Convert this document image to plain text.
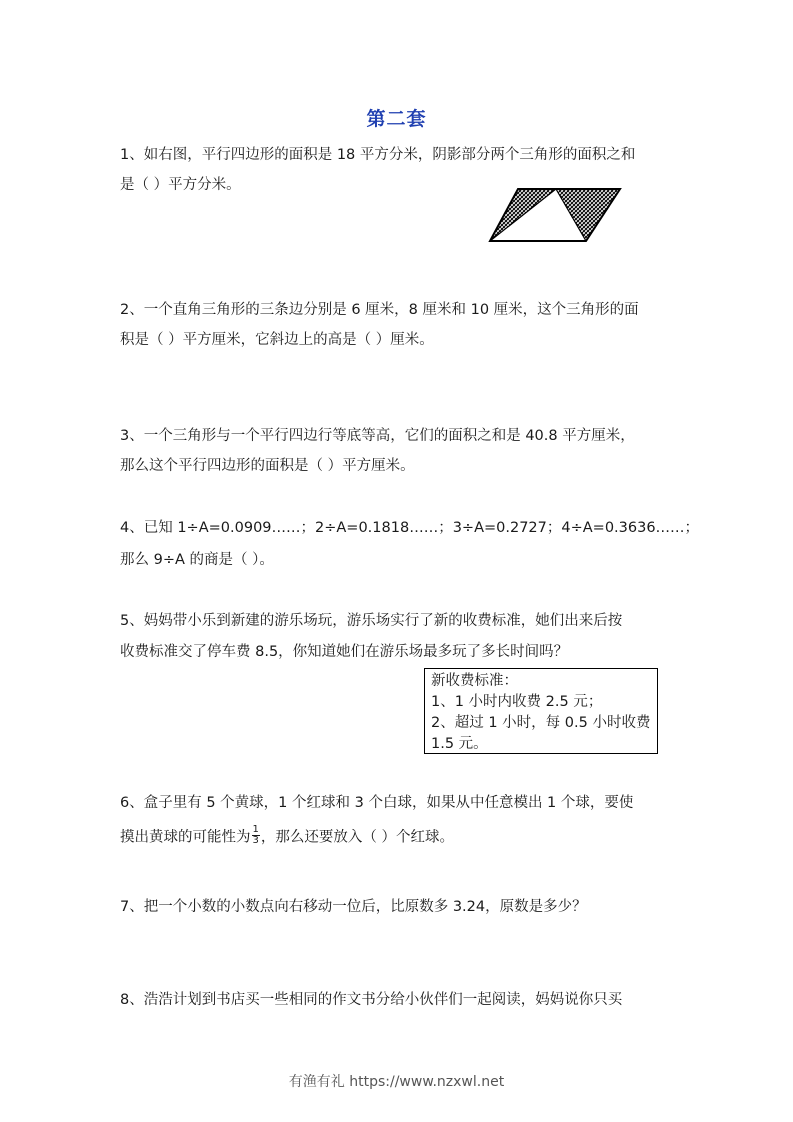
第二套
1、如右图，平行四边形的面积是 18 平方分米，阴影部分两个三角形的面积之和
是（ ）平方分米。
2、一个直角三角形的三条边分别是 6 厘米，8 厘米和 10 厘米，这个三角形的面
积是（ ）平方厘米，它斜边上的高是（ ）厘米。
3、一个三角形与一个平行四边行等底等高，它们的面积之和是 40.8 平方厘米，
那么这个平行四边形的面积是（ ）平方厘米。
4、已知 1÷A=0.0909……；2÷A=0.1818……；3÷A=0.2727；4÷A=0.3636……；
那么 9÷A 的商是（ ）。
5、妈妈带小乐到新建的游乐场玩，游乐场实行了新的收费标准，她们出来后按
收费标准交了停车费 8.5，你知道她们在游乐场最多玩了多长时间吗？
新收费标准：
1、1 小时内收费 2.5 元；
2、超过 1 小时，每 0.5 小时收费
1.5 元。
6、盒子里有 5 个黄球，1 个红球和 3 个白球，如果从中任意模出 1 个球，要使
摸出黄球的可能性为 $\frac{1}{3}$ ，那么还要放入（ ）个红球。
7、把一个小数的小数点向右移动一位后，比原数多 3.24，原数是多少？
8、浩浩计划到书店买一些相同的作文书分给小伙伴们一起阅读，妈妈说你只买
有渔有礼 https://www.nzxwl.net
